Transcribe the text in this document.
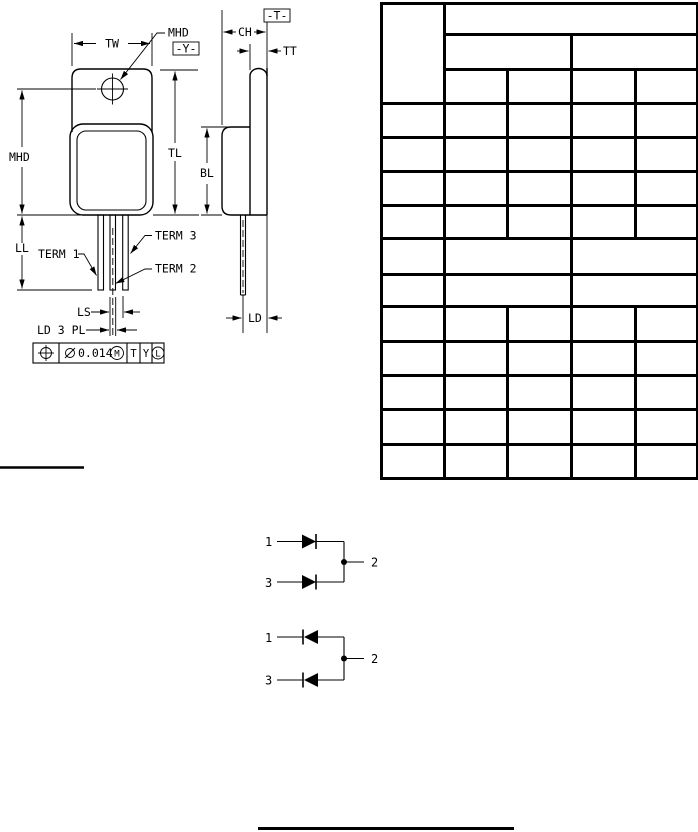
TW
MHD
-Y-
MHD
LL
TL
TERM 1
TERM 3
TERM 2
LS
LD 3 PL
0.014 M T Y L
-T-
CH
TT
BL
LD
1
3
2
1
3
2
